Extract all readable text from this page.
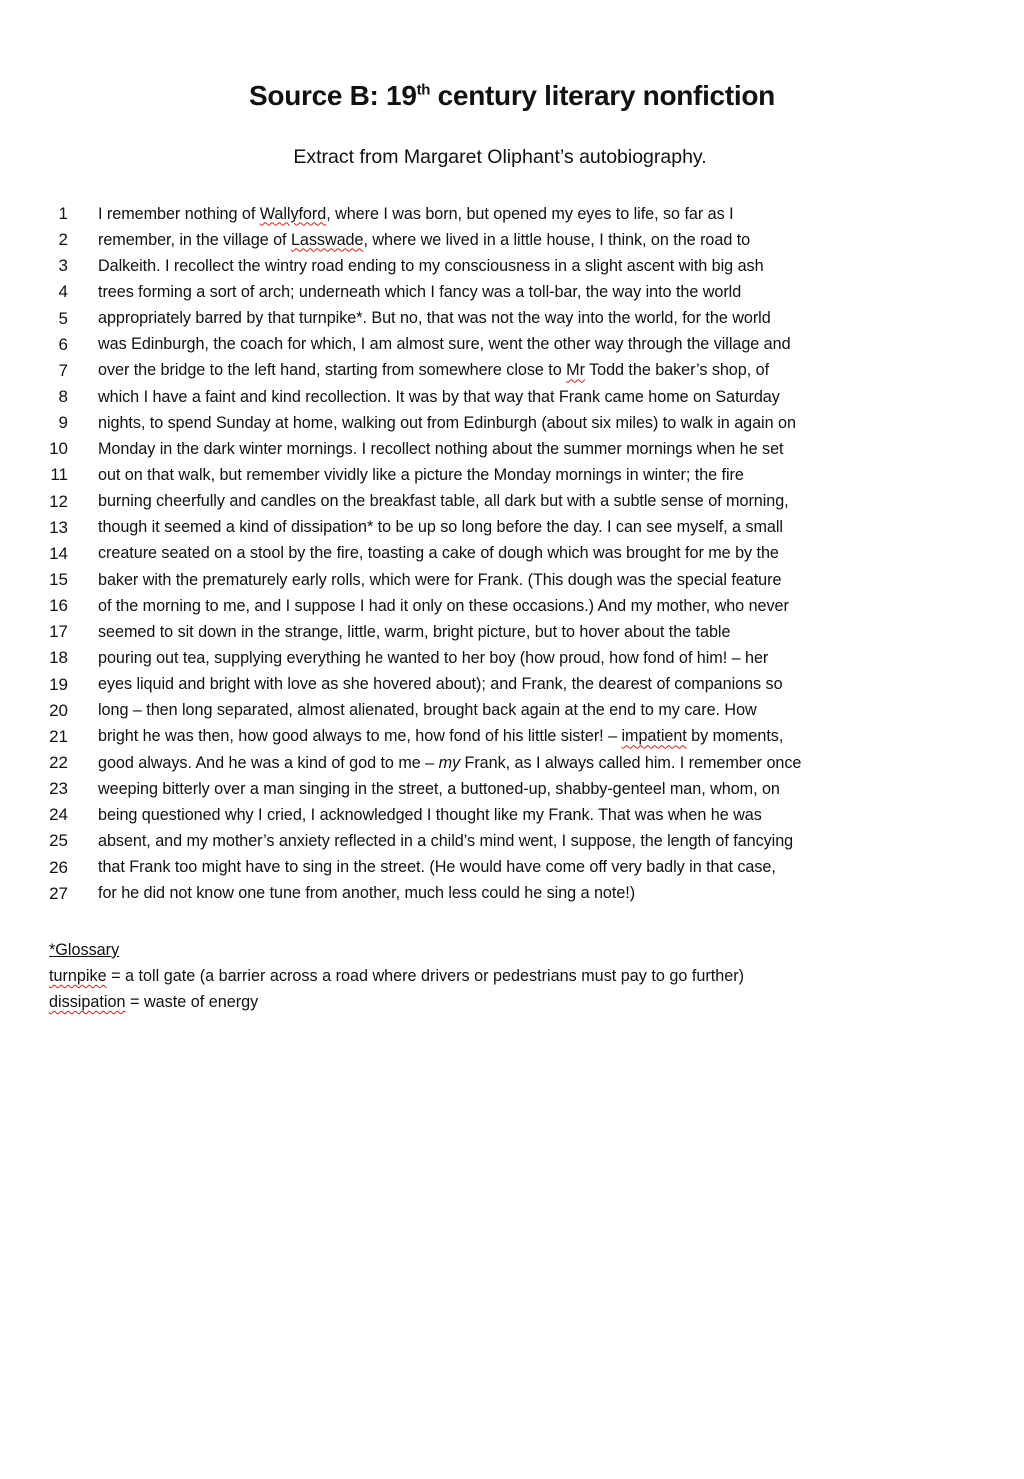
Source B: 19th century literary nonfiction
Extract from Margaret Oliphant’s autobiography.
1 I remember nothing of Wallyford, where I was born, but opened my eyes to life, so far as I
2 remember, in the village of Lasswade, where we lived in a little house, I think, on the road to
3 Dalkeith. I recollect the wintry road ending to my consciousness in a slight ascent with big ash
4 trees forming a sort of arch; underneath which I fancy was a toll-bar, the way into the world
5 appropriately barred by that turnpike*. But no, that was not the way into the world, for the world
6 was Edinburgh, the coach for which, I am almost sure, went the other way through the village and
7 over the bridge to the left hand, starting from somewhere close to Mr Todd the baker’s shop, of
8 which I have a faint and kind recollection. It was by that way that Frank came home on Saturday
9 nights, to spend Sunday at home, walking out from Edinburgh (about six miles) to walk in again on
10 Monday in the dark winter mornings. I recollect nothing about the summer mornings when he set
11 out on that walk, but remember vividly like a picture the Monday mornings in winter; the fire
12 burning cheerfully and candles on the breakfast table, all dark but with a subtle sense of morning,
13 though it seemed a kind of dissipation* to be up so long before the day. I can see myself, a small
14 creature seated on a stool by the fire, toasting a cake of dough which was brought for me by the
15 baker with the prematurely early rolls, which were for Frank. (This dough was the special feature
16 of the morning to me, and I suppose I had it only on these occasions.) And my mother, who never
17 seemed to sit down in the strange, little, warm, bright picture, but to hover about the table
18 pouring out tea, supplying everything he wanted to her boy (how proud, how fond of him! – her
19 eyes liquid and bright with love as she hovered about); and Frank, the dearest of companions so
20 long – then long separated, almost alienated, brought back again at the end to my care. How
21 bright he was then, how good always to me, how fond of his little sister! – impatient by moments,
22 good always. And he was a kind of god to me – my Frank, as I always called him. I remember once
23 weeping bitterly over a man singing in the street, a buttoned-up, shabby-genteel man, whom, on
24 being questioned why I cried, I acknowledged I thought like my Frank. That was when he was
25 absent, and my mother’s anxiety reflected in a child’s mind went, I suppose, the length of fancying
26 that Frank too might have to sing in the street. (He would have come off very badly in that case,
27 for he did not know one tune from another, much less could he sing a note!)
*Glossary
turnpike = a toll gate (a barrier across a road where drivers or pedestrians must pay to go further)
dissipation = waste of energy
